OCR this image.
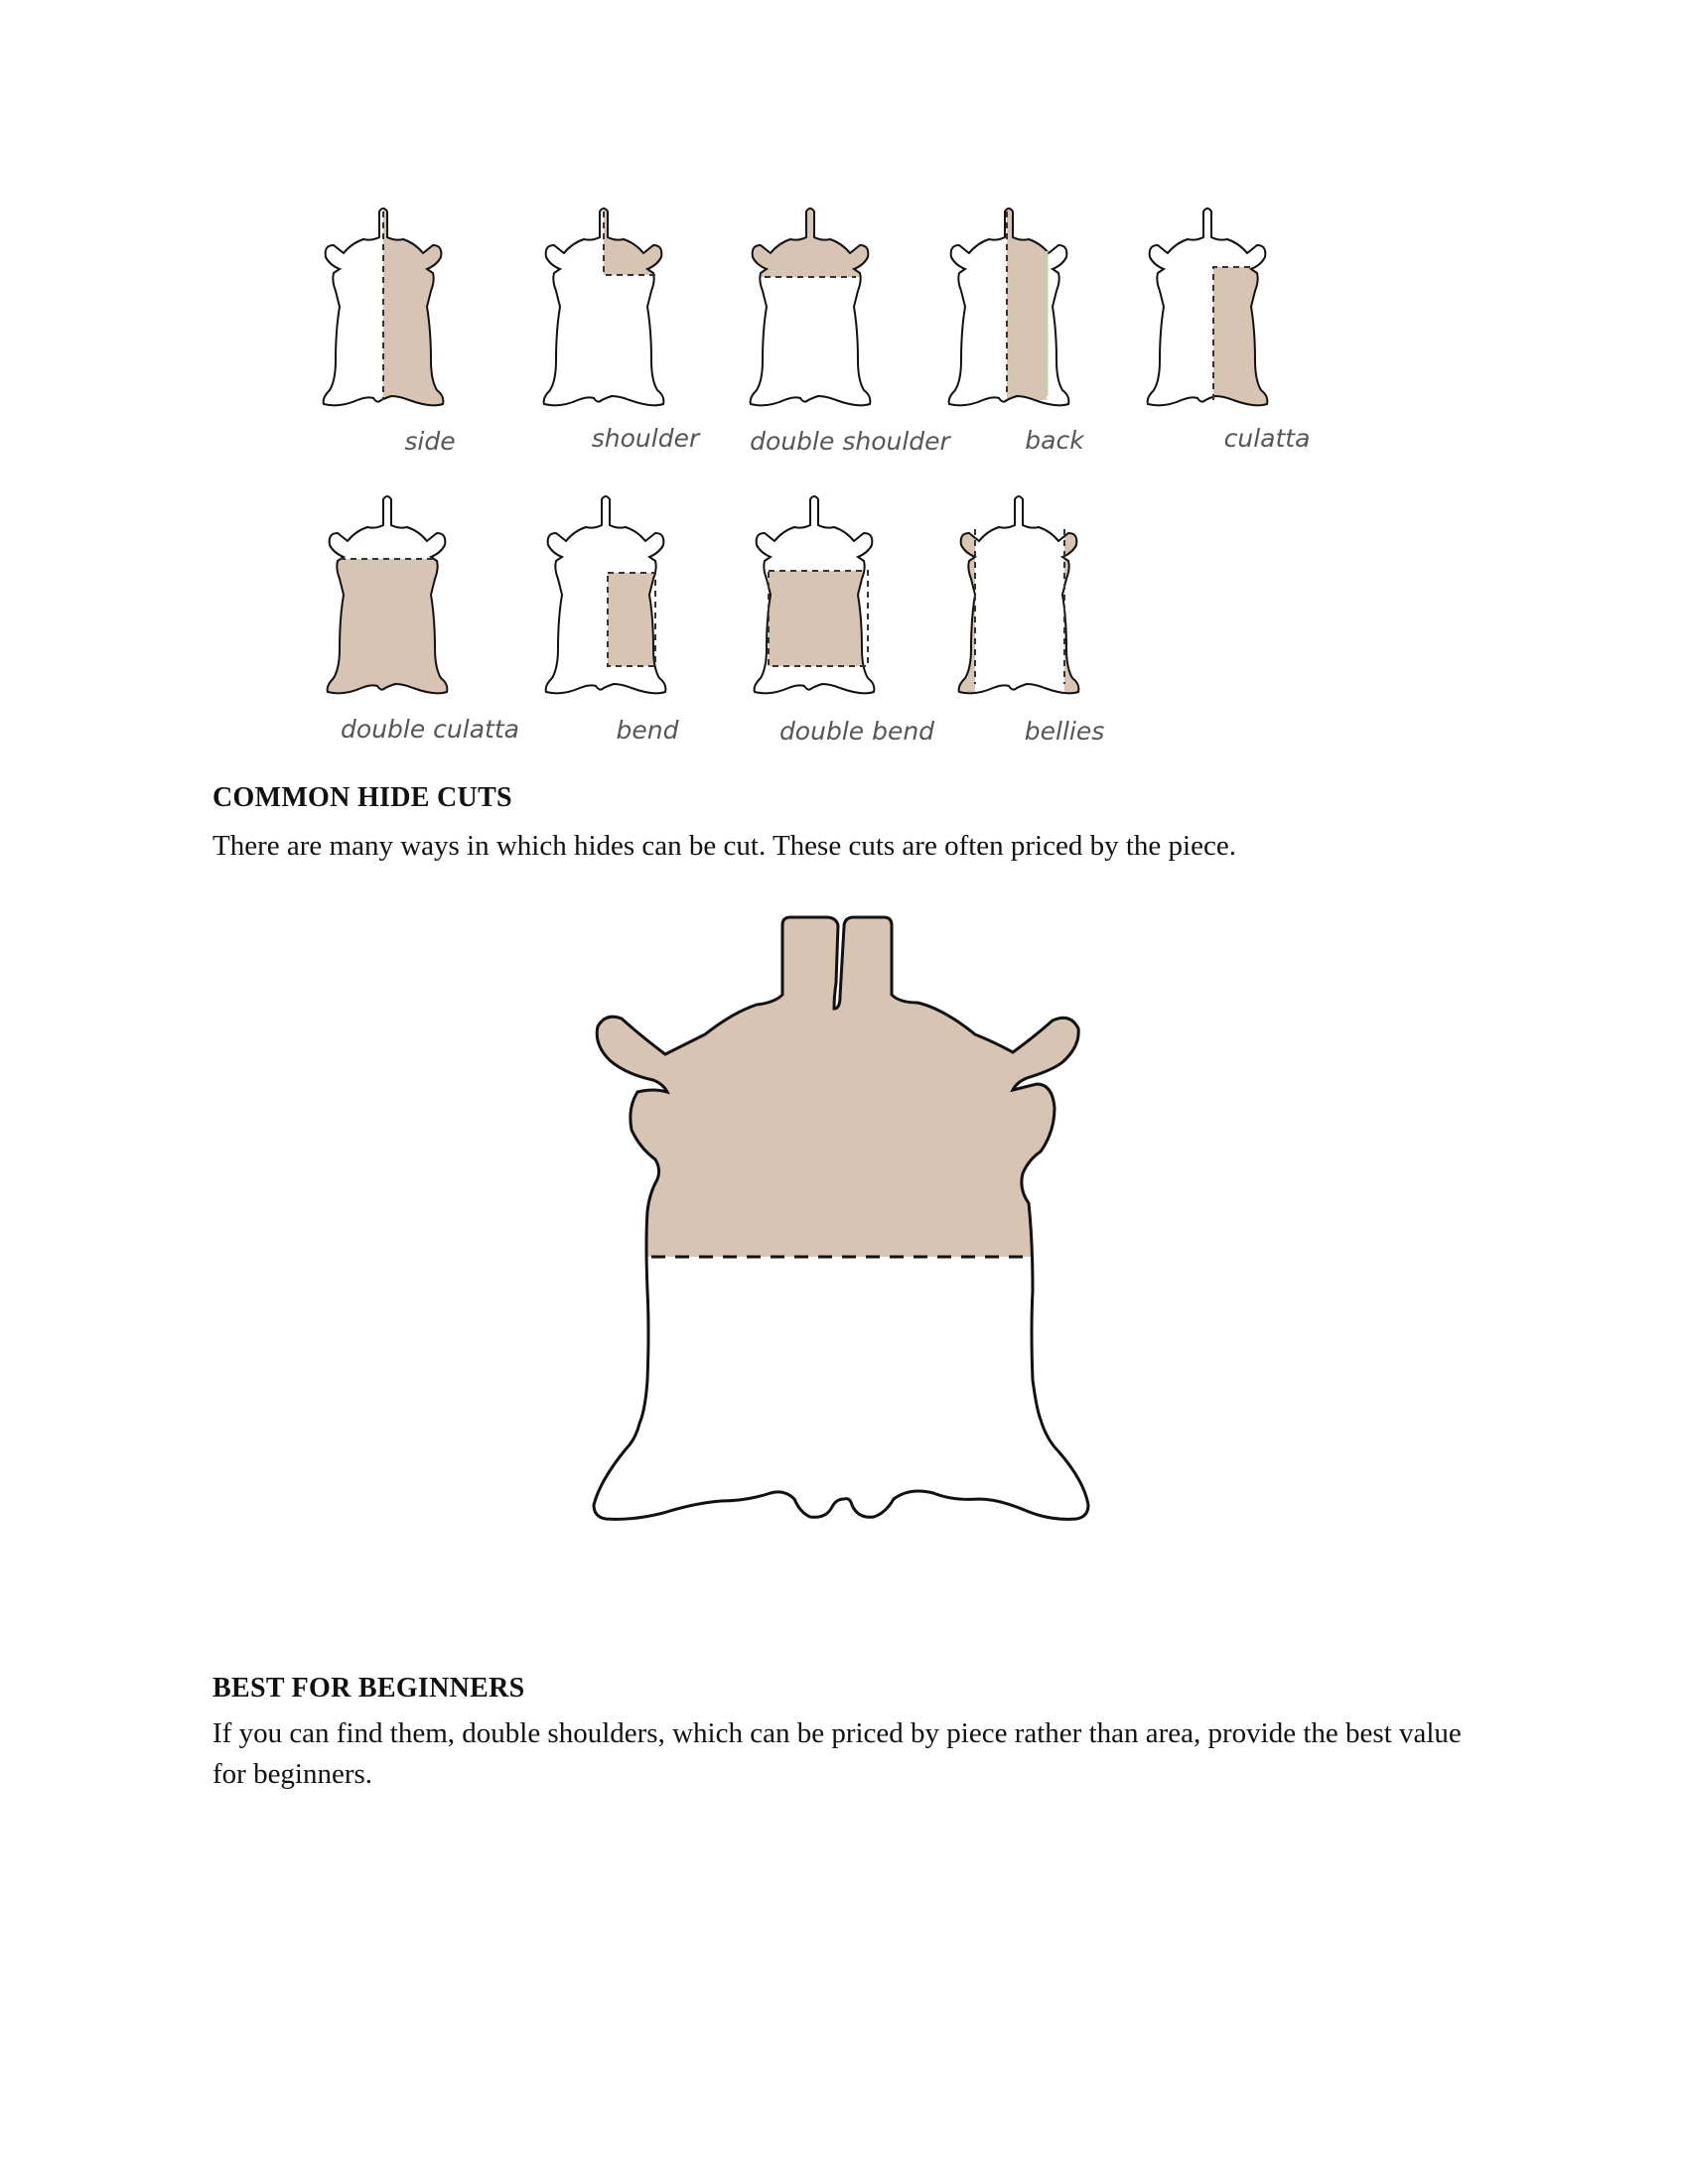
side	shoulder double shoulder	back	culatta
double culatta	bend	double bend	bellies
COMMON HIDE CUTS

There are many ways in which hides can be cut. These cuts are often priced by the piece.

BEST FOR BEGINNERS

If you can find them, double shoulders, which can be priced by piece rather than area, provide the best value for beginners.
